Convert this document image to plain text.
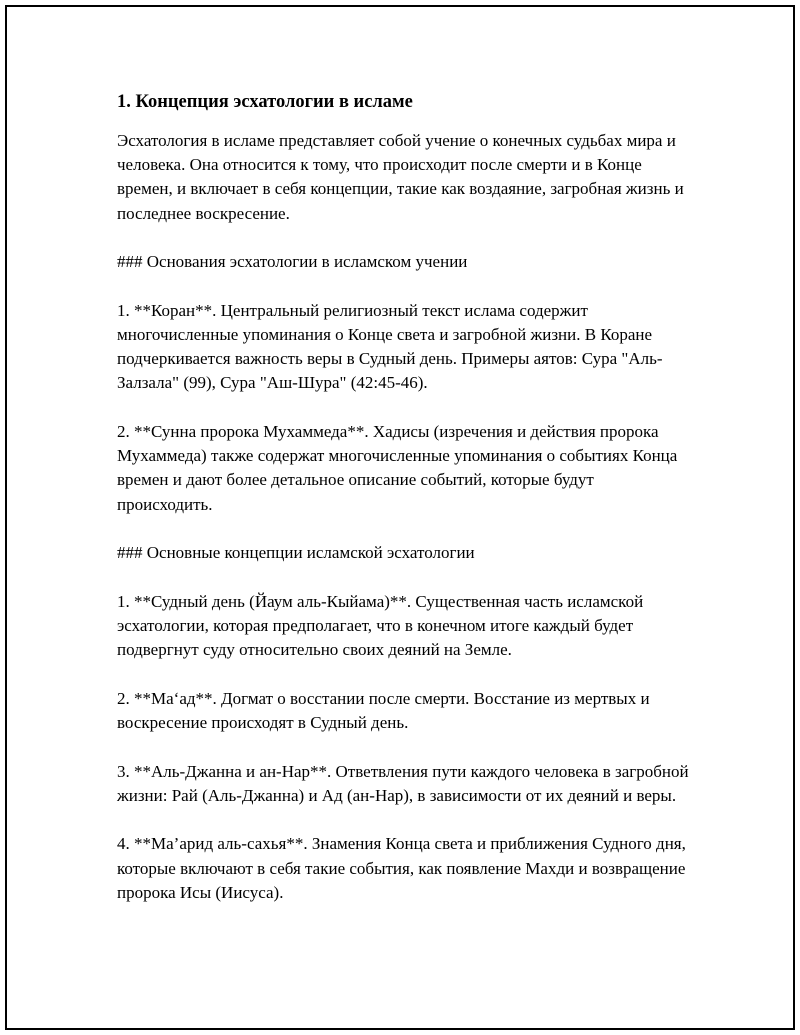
1. Концепция эсхатологии в исламе

Эсхатология в исламе представляет собой учение о конечных судьбах мира и человека. Она относится к тому, что происходит после смерти и в Конце времен, и включает в себя концепции, такие как воздаяние, загробная жизнь и последнее воскресение.

### Основания эсхатологии в исламском учении

1. **Коран**. Центральный религиозный текст ислама содержит многочисленные упоминания о Конце света и загробной жизни. В Коране подчеркивается важность веры в Судный день. Примеры аятов: Сура "Аль-Залзала" (99), Сура "Аш-Шура" (42:45-46).

2. **Сунна пророка Мухаммеда**. Хадисы (изречения и действия пророка Мухаммеда) также содержат многочисленные упоминания о событиях Конца времен и дают более детальное описание событий, которые будут происходить.

### Основные концепции исламской эсхатологии

1. **Судный день (Йаум аль-Кыйама)**. Существенная часть исламской эсхатологии, которая предполагает, что в конечном итоге каждый будет подвергнут суду относительно своих деяний на Земле.

2. **Ма‘ад**. Догмат о восстании после смерти. Восстание из мертвых и воскресение происходят в Судный день.

3. **Аль-Джанна и ан-Нар**. Ответвления пути каждого человека в загробной жизни: Рай (Аль-Джанна) и Ад (ан-Нар), в зависимости от их деяний и веры.

4. **Ма’арид аль-сахья**. Знамения Конца света и приближения Судного дня, которые включают в себя такие события, как появление Махди и возвращение пророка Исы (Иисуса).
